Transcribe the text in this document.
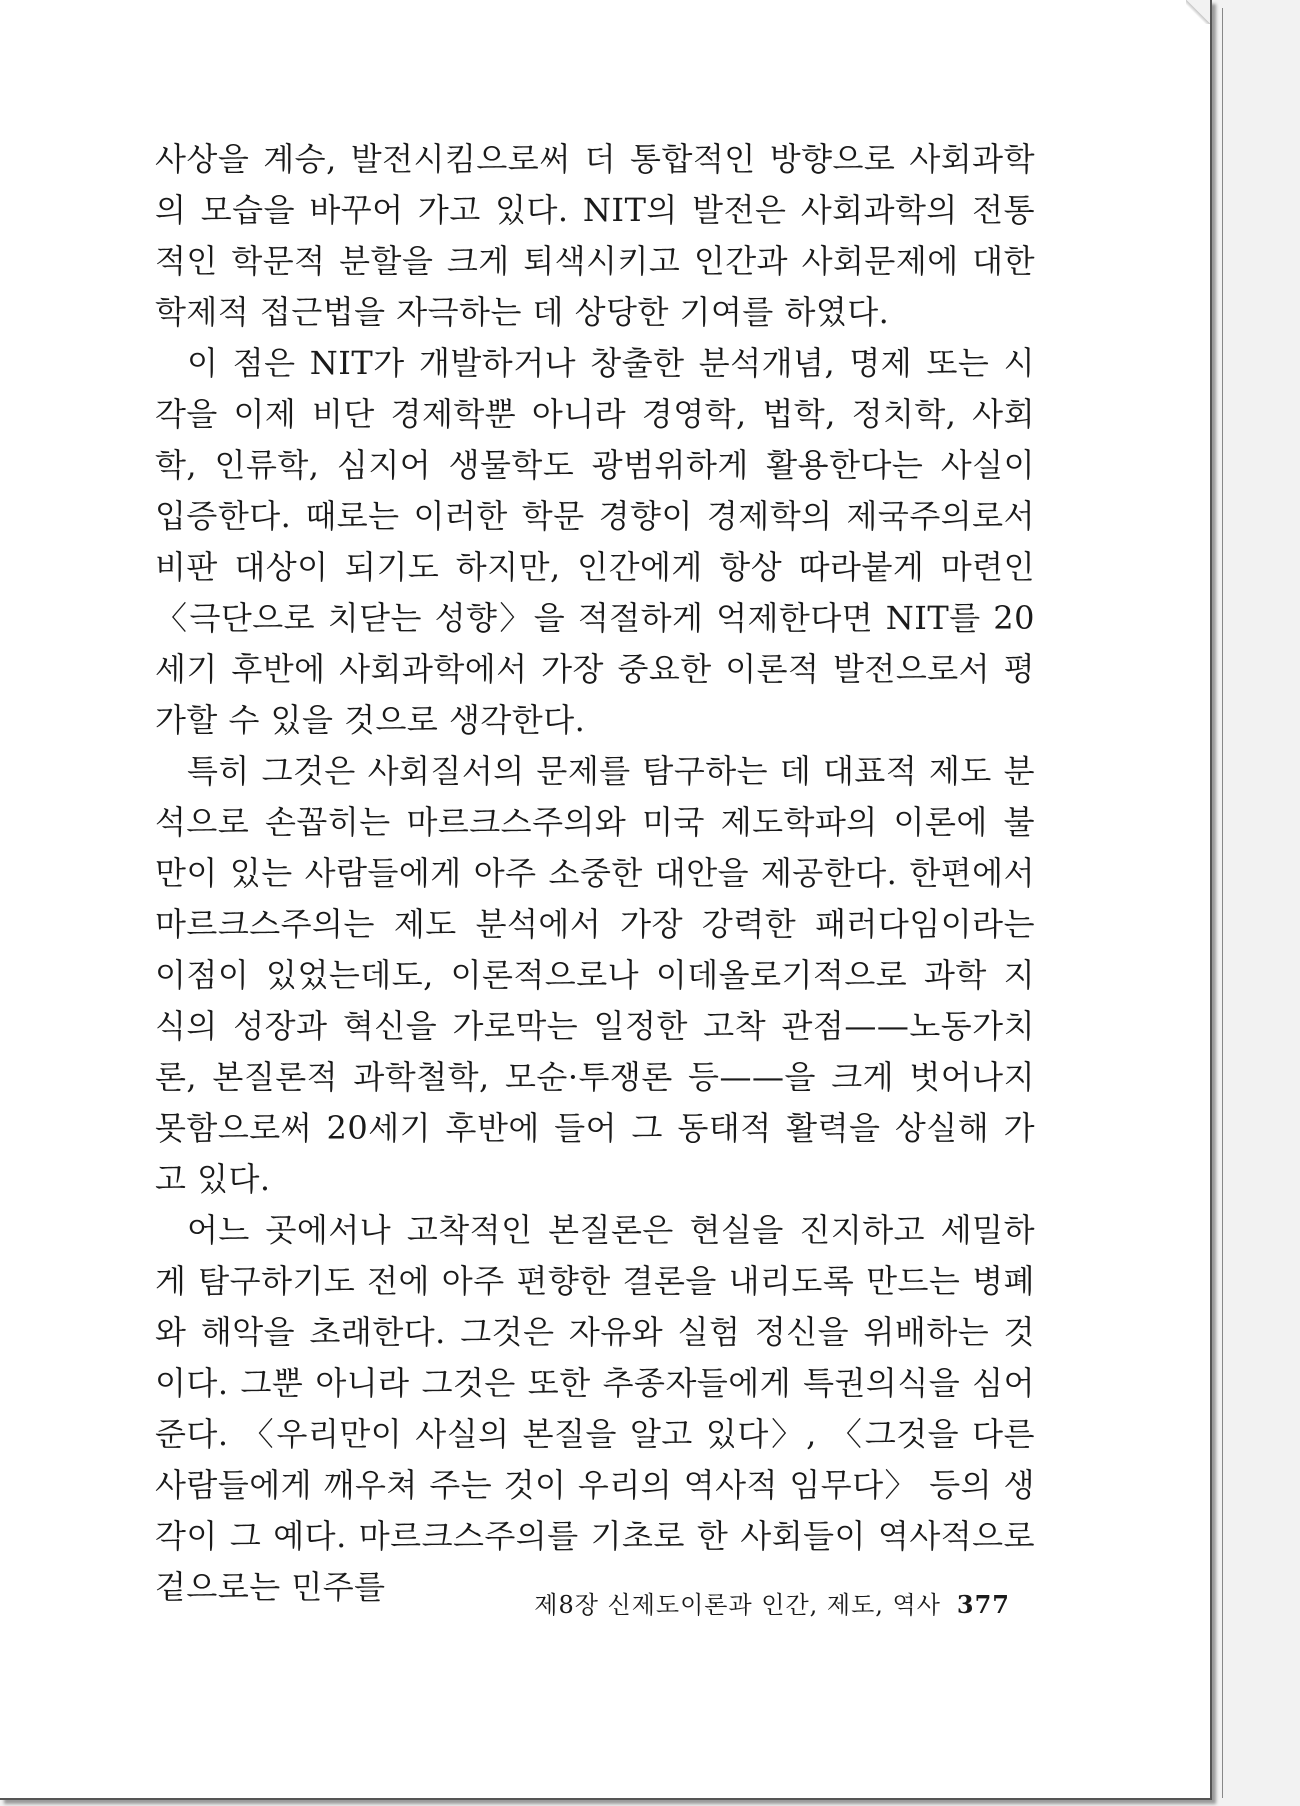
사상을 계승, 발전시킴으로써 더 통합적인 방향으로 사회과학의 모습을 바꾸어 가고 있다. NIT의 발전은 사회과학의 전통적인 학문적 분할을 크게 퇴색시키고 인간과 사회문제에 대한 학제적 접근법을 자극하는 데 상당한 기여를 하였다.

이 점은 NIT가 개발하거나 창출한 분석개념, 명제 또는 시각을 이제 비단 경제학뿐 아니라 경영학, 법학, 정치학, 사회학, 인류학, 심지어 생물학도 광범위하게 활용한다는 사실이 입증한다. 때로는 이러한 학문 경향이 경제학의 제국주의로서 비판 대상이 되기도 하지만, 인간에게 항상 따라붙게 마련인 〈극단으로 치닫는 성향〉을 적절하게 억제한다면 NIT를 20세기 후반에 사회과학에서 가장 중요한 이론적 발전으로서 평가할 수 있을 것으로 생각한다.

특히 그것은 사회질서의 문제를 탐구하는 데 대표적 제도 분석으로 손꼽히는 마르크스주의와 미국 제도학파의 이론에 불만이 있는 사람들에게 아주 소중한 대안을 제공한다. 한편에서 마르크스주의는 제도 분석에서 가장 강력한 패러다임이라는 이점이 있었는데도, 이론적으로나 이데올로기적으로 과학 지식의 성장과 혁신을 가로막는 일정한 고착 관점——노동가치론, 본질론적 과학철학, 모순·투쟁론 등——을 크게 벗어나지 못함으로써 20세기 후반에 들어 그 동태적 활력을 상실해 가고 있다.

어느 곳에서나 고착적인 본질론은 현실을 진지하고 세밀하게 탐구하기도 전에 아주 편향한 결론을 내리도록 만드는 병폐와 해악을 초래한다. 그것은 자유와 실험 정신을 위배하는 것이다. 그뿐 아니라 그것은 또한 추종자들에게 특권의식을 심어준다. 〈우리만이 사실의 본질을 알고 있다〉, 〈그것을 다른 사람들에게 깨우쳐 주는 것이 우리의 역사적 임무다〉 등의 생각이 그 예다. 마르크스주의를 기초로 한 사회들이 역사적으로 겉으로는 민주를	제8장 신제도이론과 인간, 제도, 역사 377
